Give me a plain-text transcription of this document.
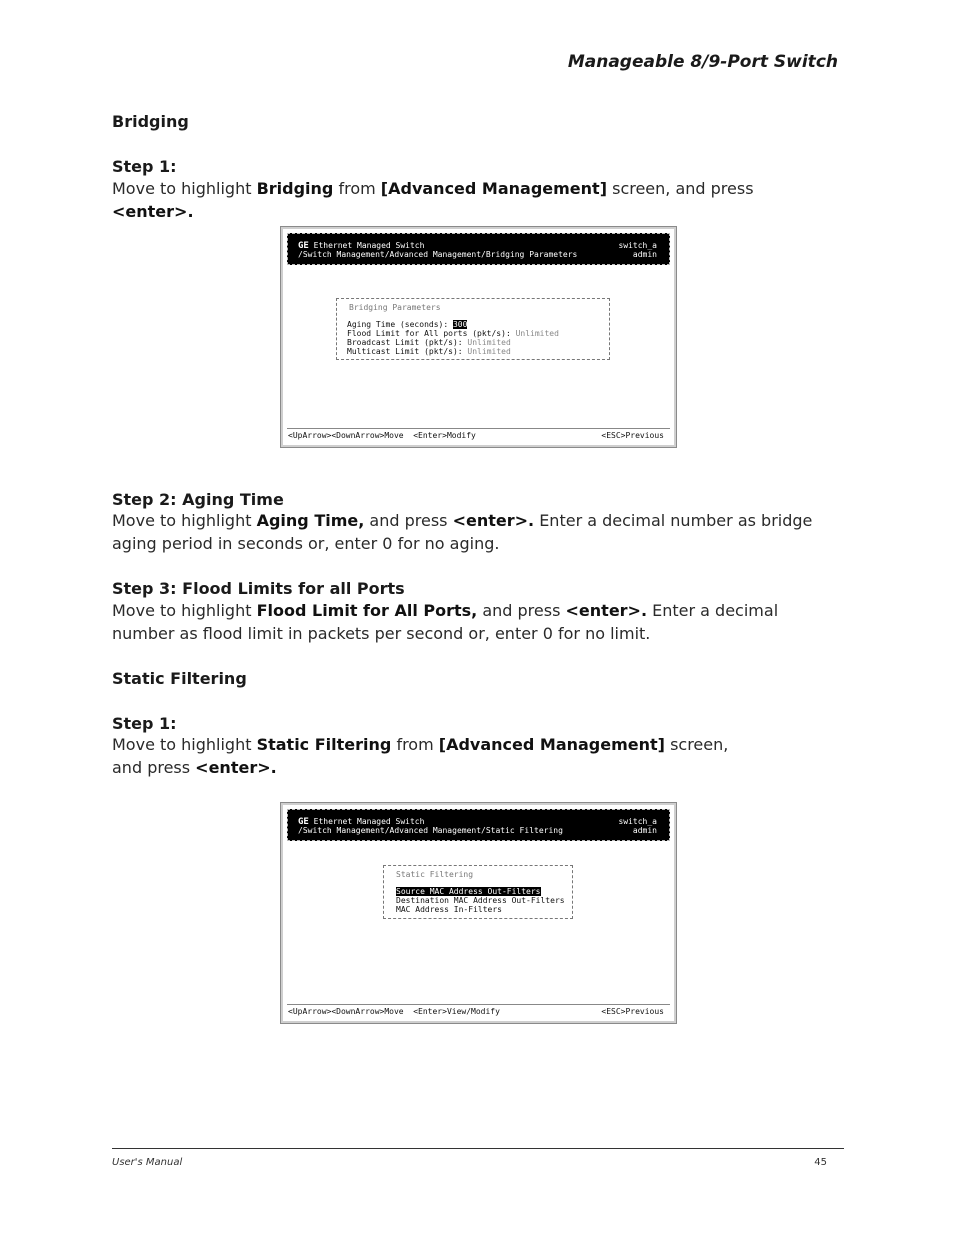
Manageable 8/9-Port Switch
Bridging
Step 1:
Move to highlight Bridging from [Advanced Management] screen, and press <enter>.
GE Ethernet Managed Switch
/Switch Management/Advanced Management/Bridging Parameters
switch_a
admin
Bridging Parameters
Aging Time (seconds): 300
Flood Limit for All ports (pkt/s): Unlimited
Broadcast Limit (pkt/s): Unlimited
Multicast Limit (pkt/s): Unlimited
<UpArrow><DownArrow>Move  <Enter>Modify	<ESC>Previous
Step 2: Aging Time
Move to highlight Aging Time, and press <enter>. Enter a decimal number as bridge
aging period in seconds or, enter 0 for no aging.
Step 3: Flood Limits for all Ports
Move to highlight Flood Limit for All Ports, and press <enter>. Enter a decimal
number as flood limit in packets per second or, enter 0 for no limit.
Static Filtering
Step 1:
Move to highlight Static Filtering from [Advanced Management] screen,
and press <enter>.
GE Ethernet Managed Switch
/Switch Management/Advanced Management/Static Filtering
switch_a
admin
Static Filtering
Source MAC Address Out-Filters
Destination MAC Address Out-Filters
MAC Address In-Filters
<UpArrow><DownArrow>Move  <Enter>View/Modify	<ESC>Previous
User's Manual	45
